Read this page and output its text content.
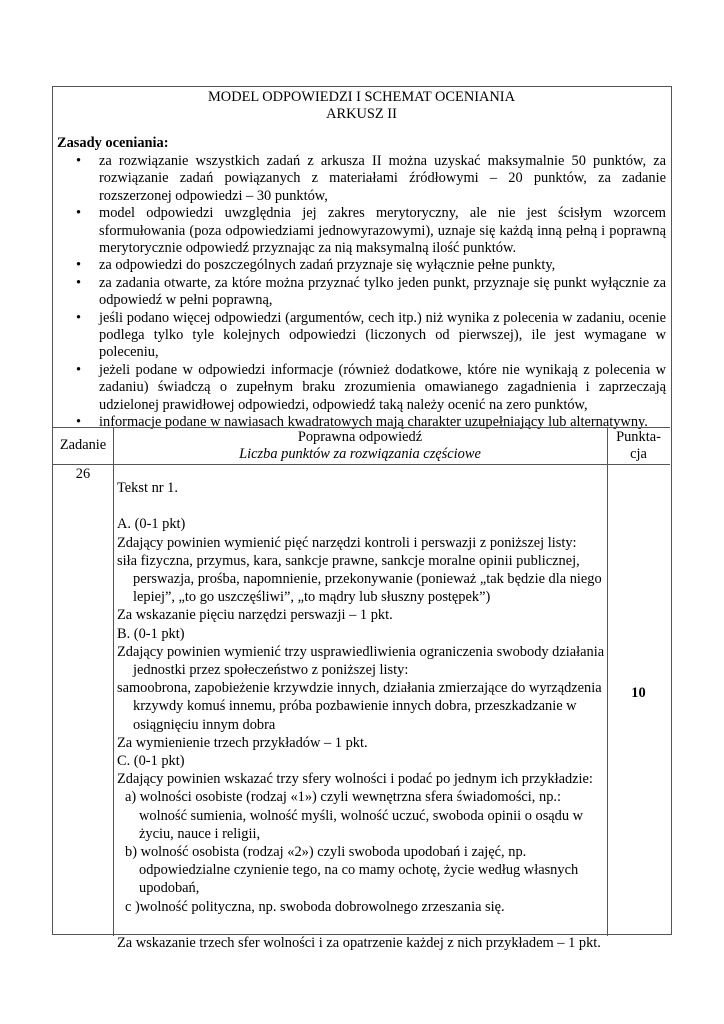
MODEL ODPOWIEDZI I SCHEMAT OCENIANIA
ARKUSZ II
Zasady oceniania:
• za rozwiązanie wszystkich zadań z arkusza II można uzyskać maksymalnie 50 punktów, za rozwiązanie zadań powiązanych z materiałami źródłowymi – 20 punktów, za zadanie rozszerzonej odpowiedzi – 30 punktów,
• model odpowiedzi uwzględnia jej zakres merytoryczny, ale nie jest ścisłym wzorcem sformułowania (poza odpowiedziami jednowyrazowymi), uznaje się każdą inną pełną i poprawną merytorycznie odpowiedź przyznając za nią maksymalną ilość punktów.
• za odpowiedzi do poszczególnych zadań przyznaje się wyłącznie pełne punkty,
• za zadania otwarte, za które można przyznać tylko jeden punkt, przyznaje się punkt wyłącznie za odpowiedź w pełni poprawną,
• jeśli podano więcej odpowiedzi (argumentów, cech itp.) niż wynika z polecenia w zadaniu, ocenie podlega tylko tyle kolejnych odpowiedzi (liczonych od pierwszej), ile jest wymagane w poleceniu,
• jeżeli podane w odpowiedzi informacje (również dodatkowe, które nie wynikają z polecenia w zadaniu) świadczą o zupełnym braku zrozumienia omawianego zagadnienia i zaprzeczają udzielonej prawidłowej odpowiedzi, odpowiedź taką należy ocenić na zero punktów,
• informacje podane w nawiasach kwadratowych mają charakter uzupełniający lub alternatywny.
Zadanie	Poprawna odpowiedź
Liczba punktów za rozwiązania częściowe
Punkta-
cja
26

Tekst nr 1.

A. (0-1 pkt)

Zdający powinien wymienić pięć narzędzi kontroli i perswazji z poniższej listy:

siła fizyczna, przymus, kara, sankcje prawne, sankcje moralne opinii publicznej, perswazja, prośba, napomnienie, przekonywanie (ponieważ „tak będzie dla niego lepiej”, „to go uszczęśliwi”, „to mądry lub słuszny postępek”)

Za wskazanie pięciu narzędzi perswazji – 1 pkt.

B. (0-1 pkt)

Zdający powinien wymienić trzy usprawiedliwienia ograniczenia swobody działania jednostki przez społeczeństwo z poniższej listy:

samoobrona, zapobieżenie krzywdzie innych, działania zmierzające do wyrządzenia krzywdy komuś innemu, próba pozbawienie innych dobra, przeszkadzanie w osiągnięciu innym dobra

Za wymienienie trzech przykładów – 1 pkt.

C. (0-1 pkt)

Zdający powinien wskazać trzy sfery wolności i podać po jednym ich przykładzie:

a) wolności osobiste (rodzaj «1») czyli wewnętrzna sfera świadomości, np.: wolność sumienia, wolność myśli, wolność uczuć, swoboda opinii o osądu w życiu, nauce i religii,

b) wolność osobista (rodzaj «2») czyli swoboda upodobań i zajęć, np. odpowiedzialne czynienie tego, na co mamy ochotę, życie według własnych upodobań,

c )wolność polityczna, np. swoboda dobrowolnego zrzeszania się.

Za wskazanie trzech sfer wolności i za opatrzenie każdej z nich przykładem – 1 pkt.

10
